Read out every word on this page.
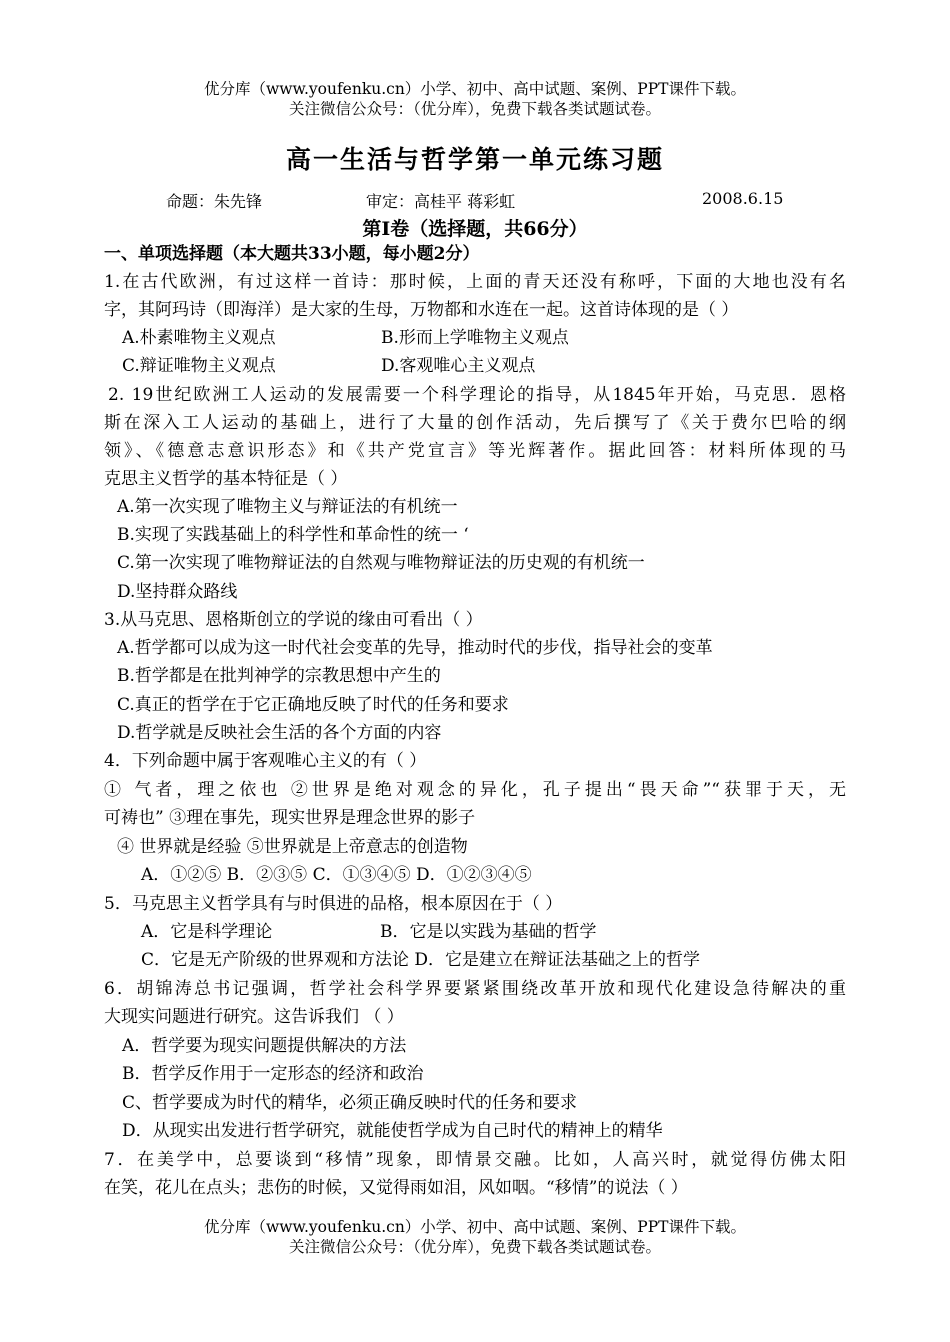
优分库（www.youfenku.cn）小学、初中、高中试题、案例、PPT课件下载。
关注微信公众号：（优分库），免费下载各类试题试卷。
高一生活与哲学第一单元练习题
命题：朱先锋	审定：高桂平 蒋彩虹	2008.6.15
第Ⅰ卷（选择题，共66分）
一、单项选择题（本大题共33小题，每小题2分）
1.在古代欧洲，有过这样一首诗：那时候，上面的青天还没有称呼，下面的大地也没有名
字，其阿玛诗（即海洋）是大家的生母，万物都和水连在一起。这首诗体现的是（ ）
A.朴素唯物主义观点	B.形而上学唯物主义观点
C.辩证唯物主义观点	D.客观唯心主义观点
2. 19世纪欧洲工人运动的发展需要一个科学理论的指导，从1845年开始，马克思．恩格
斯在深入工人运动的基础上，进行了大量的创作活动，先后撰写了《关于费尔巴哈的纲
领》、《德意志意识形态》和《共产党宣言》等光辉著作。据此回答：材料所体现的马
克思主义哲学的基本特征是（ ）
A.第一次实现了唯物主义与辩证法的有机统一
B.实现了实践基础上的科学性和革命性的统一 ‘
C.第一次实现了唯物辩证法的自然观与唯物辩证法的历史观的有机统一
D.坚持群众路线
3.从马克思、恩格斯创立的学说的缘由可看出（ ）
A.哲学都可以成为这一时代社会变革的先导，推动时代的步伐，指导社会的变革
B.哲学都是在批判神学的宗教思想中产生的
C.真正的哲学在于它正确地反映了时代的任务和要求
D.哲学就是反映社会生活的各个方面的内容
4．下列命题中属于客观唯心主义的有（ ）
① 气者，理之依也 ②世界是绝对观念的异化，孔子提出“畏天命”“获罪于天，无
可祷也” ③理在事先，现实世界是理念世界的影子
④ 世界就是经验 ⑤世界就是上帝意志的创造物
A．①②⑤ B．②③⑤ C．①③④⑤ D．①②③④⑤
5．马克思主义哲学具有与时俱进的品格，根本原因在于（ ）
A．它是科学理论	B．它是以实践为基础的哲学
C．它是无产阶级的世界观和方法论 D．它是建立在辩证法基础之上的哲学
6．胡锦涛总书记强调，哲学社会科学界要紧紧围绕改革开放和现代化建设急待解决的重
大现实问题进行研究。这告诉我们 （ ）
A．哲学要为现实问题提供解决的方法
B．哲学反作用于一定形态的经济和政治
C、哲学要成为时代的精华，必须正确反映时代的任务和要求
D．从现实出发进行哲学研究，就能使哲学成为自己时代的精神上的精华
7．在美学中，总要谈到“移情”现象，即情景交融。比如，人高兴时，就觉得仿佛太阳
在笑，花儿在点头；悲伤的时候，又觉得雨如泪，风如咽。“移情”的说法（ ）
优分库（www.youfenku.cn）小学、初中、高中试题、案例、PPT课件下载。
关注微信公众号：（优分库），免费下载各类试题试卷。
